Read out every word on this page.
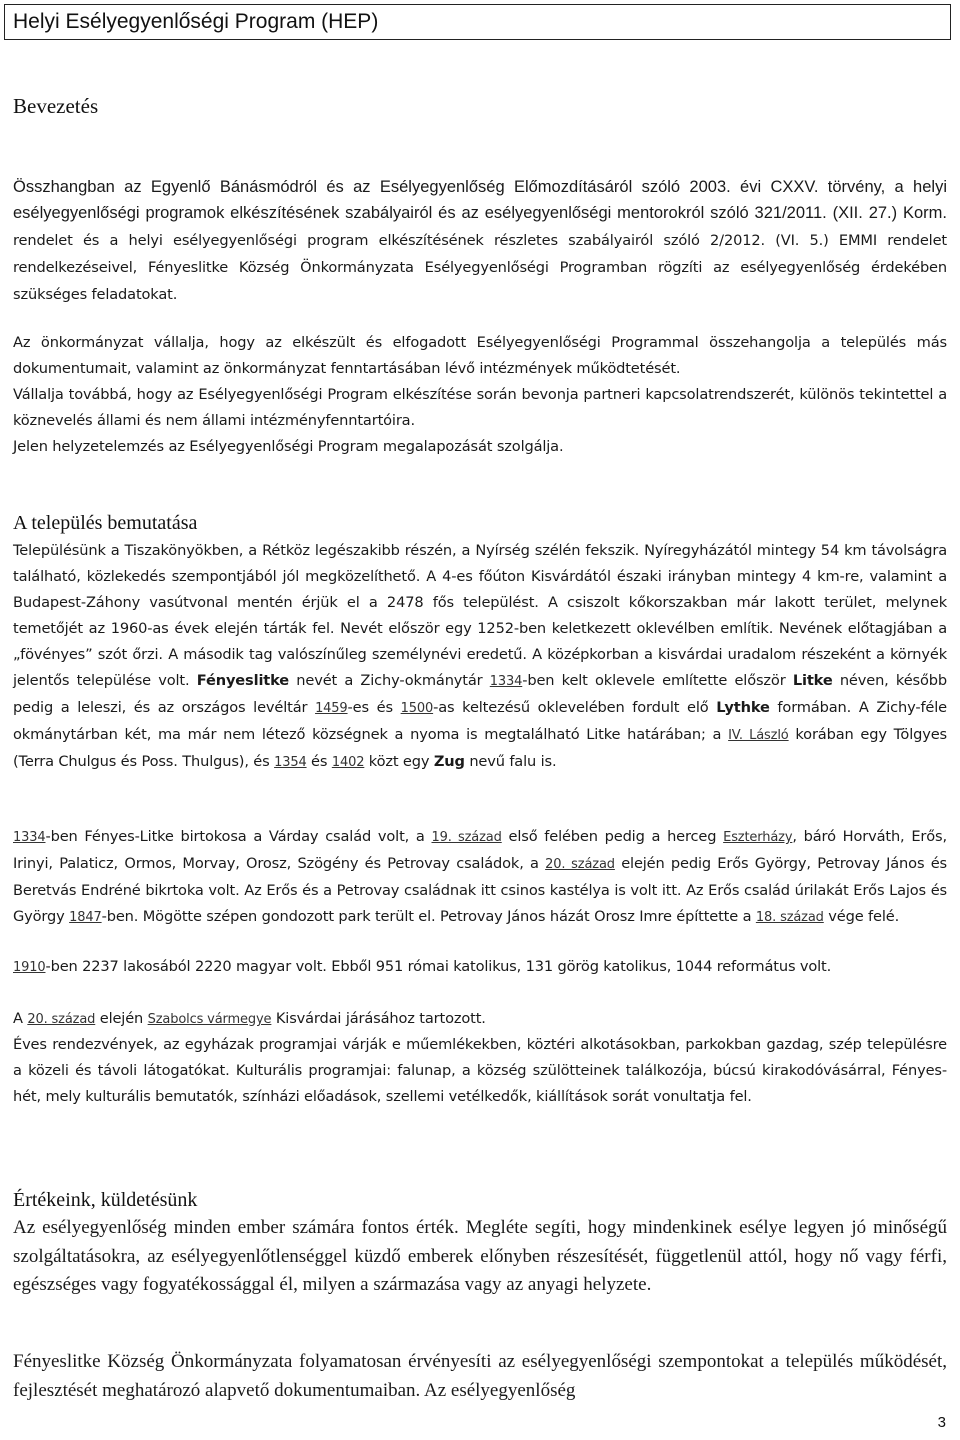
Helyi Esélyegyenlőségi Program (HEP)
Bevezetés
Összhangban az Egyenlő Bánásmódról és az Esélyegyenlőség Előmozdításáról szóló 2003. évi CXXV. törvény, a helyi esélyegyenlőségi programok elkészítésének szabályairól és az esélyegyenlőségi mentorokról szóló 321/2011. (XII. 27.) Korm. rendelet és a helyi esélyegyenlőségi program elkészítésének részletes szabályairól szóló 2/2012. (VI. 5.) EMMI rendelet rendelkezéseivel, Fényeslitke Község Önkormányzata Esélyegyenlőségi Programban rögzíti az esélyegyenlőség érdekében szükséges feladatokat.
Az önkormányzat vállalja, hogy az elkészült és elfogadott Esélyegyenlőségi Programmal összehangolja a település más dokumentumait, valamint az önkormányzat fenntartásában lévő intézmények működtetését.
Vállalja továbbá, hogy az Esélyegyenlőségi Program elkészítése során bevonja partneri kapcsolatrendszerét, különös tekintettel a köznevelés állami és nem állami intézményfenntartóira.
Jelen helyzetelemzés az Esélyegyenlőségi Program megalapozását szolgálja.
A település bemutatása
Településünk a Tiszakönyökben, a Rétköz legészakibb részén, a Nyírség szélén fekszik. Nyíregyházától mintegy 54 km távolságra található, közlekedés szempontjából jól megközelíthető. A 4-es főúton Kisvárdától északi irányban mintegy 4 km-re, valamint a Budapest-Záhony vasútvonal mentén érjük el a 2478 fős települést. A csiszolt kőkorszakban már lakott terület, melynek temetőjét az 1960-as évek elején tárták fel. Nevét először egy 1252-ben keletkezett oklevélben említik. Nevének előtagjában a „fövényes” szót őrzi. A második tag valószínűleg személynévi eredetű. A középkorban a kisvárdai uradalom részeként a környék jelentős települése volt. Fényeslitke nevét a Zichy-okmánytár 1334-ben kelt oklevele említette először Litke néven, később pedig a leleszi, és az országos levéltár 1459-es és 1500-as keltezésű oklevelében fordult elő Lythke formában. A Zichy-féle okmánytárban két, ma már nem létező községnek a nyoma is megtalálható Litke határában; a IV. László korában egy Tölgyes (Terra Chulgus és Poss. Thulgus), és 1354 és 1402 közt egy Zug nevű falu is.
1334-ben Fényes-Litke birtokosa a Várday család volt, a 19. század első felében pedig a herceg Eszterházy, báró Horváth, Erős, Irinyi, Palaticz, Ormos, Morvay, Orosz, Szögény és Petrovay családok, a 20. század elején pedig Erős György, Petrovay János és Beretvás Endréné bikrtoka volt. Az Erős és a Petrovay családnak itt csinos kastélya is volt itt. Az Erős család úrilakát Erős Lajos és György 1847-ben. Mögötte szépen gondozott park terült el. Petrovay János házát Orosz Imre építtette a 18. század vége felé.
1910-ben 2237 lakosából 2220 magyar volt. Ebből 951 római katolikus, 131 görög katolikus, 1044 református volt.
A 20. század elején Szabolcs vármegye Kisvárdai járásához tartozott.
Éves rendezvények, az egyházak programjai várják e műemlékekben, köztéri alkotásokban, parkokban gazdag, szép településre a közeli és távoli látogatókat. Kulturális programjai: falunap, a község szülötteinek találkozója, búcsú kirakodóvásárral, Fényes-hét, mely kulturális bemutatók, színházi előadások, szellemi vetélkedők, kiállítások sorát vonultatja fel.
Értékeink, küldetésünk
Az esélyegyenlőség minden ember számára fontos érték. Megléte segíti, hogy mindenkinek esélye legyen jó minőségű szolgáltatásokra, az esélyegyenlőtlenséggel küzdő emberek előnyben részesítését, függetlenül attól, hogy nő vagy férfi, egészséges vagy fogyatékossággal él, milyen a származása vagy az anyagi helyzete.
Fényeslitke Község Önkormányzata folyamatosan érvényesíti az esélyegyenlőségi szempontokat a település működését, fejlesztését meghatározó alapvető dokumentumaiban. Az esélyegyenlőség
3
